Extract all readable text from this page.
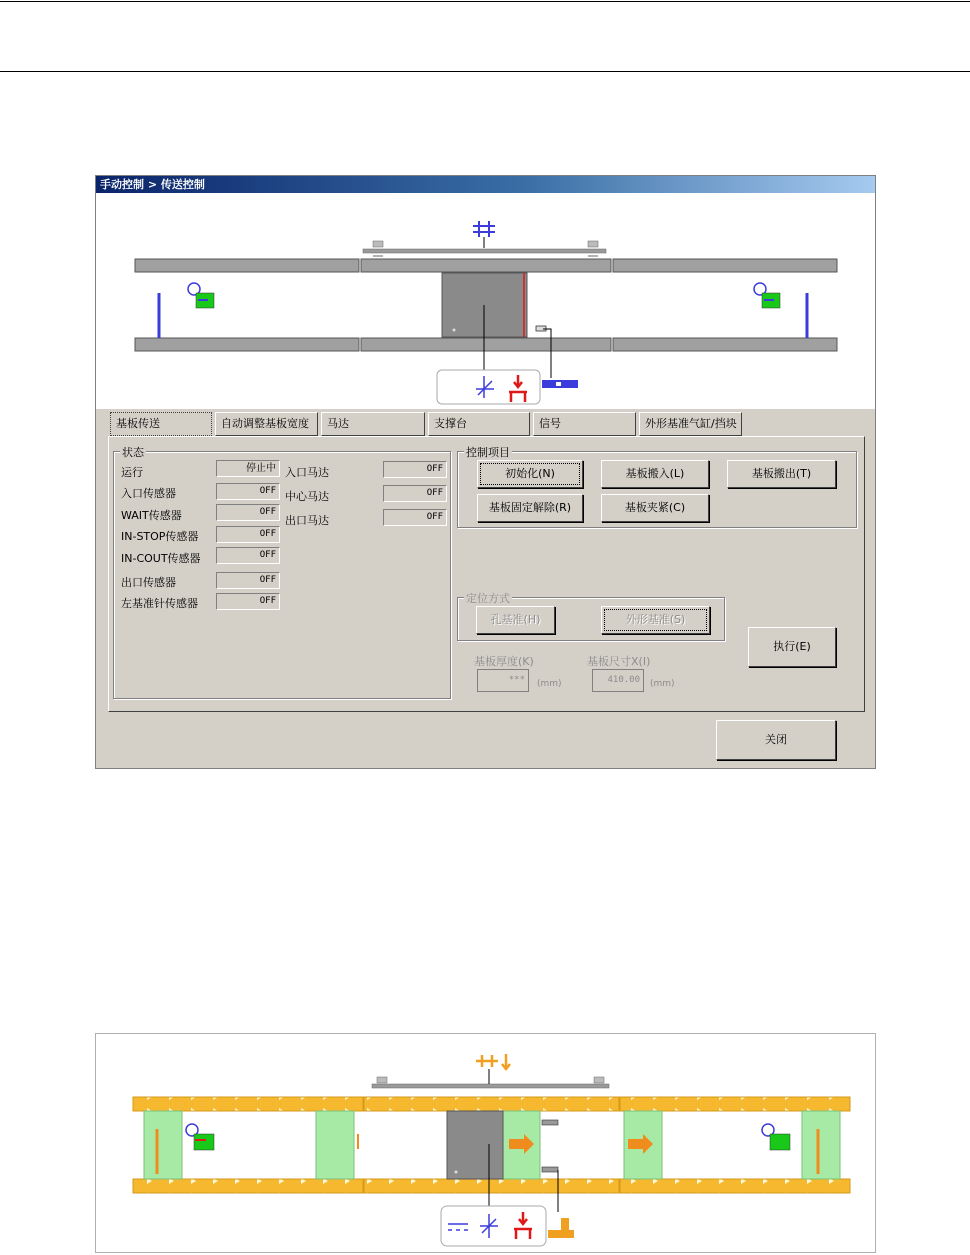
手动控制 > 传送控制
基板传送	自动调整基板宽度	马达	支撑台	信号	外形基准气缸/挡块
状态
运行	停止中
入口传感器	OFF
WAIT传感器	OFF
IN-STOP传感器	OFF
IN-COUT传感器	OFF
出口传感器	OFF
左基准针传感器	OFF
入口马达	OFF
中心马达	OFF
出口马达	OFF
控制项目
初始化(N)	基板搬入(L)	基板搬出(T)
基板固定解除(R)	基板夹紧(C)
定位方式
孔基准(H)	外形基准(S)
基板厚度(K)
***	(mm)
基板尺寸X(I)
410.00	(mm)
执行(E)
关闭
